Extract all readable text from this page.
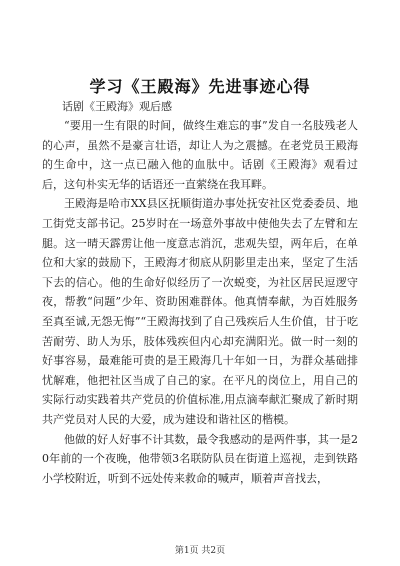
学习《王殿海》先进事迹心得
话剧《王殿海》观后感

“要用一生有限的时间，做终生难忘的事”发自一名肢残老人的心声，虽然不是豪言壮语，却让人为之震撼。在老党员王殿海的生命中，这一点已融入他的血肽中。话剧《王殿海》观看过后，这句朴实无华的话语还一直萦绕在我耳畔。

王殿海是哈市XX县区抚顺街道办事处抚安社区党委委员、地工街党支部书记。25岁时在一场意外事故中使他失去了左臂和左腿。这一晴天霹雳让他一度意志消沉，悲观失望，两年后，在单位和大家的鼓励下，王殿海才彻底从阴影里走出来，坚定了生活下去的信心。他的生命好似经历了一次蜕变，为社区居民逗逻守夜，帮教“问题”少年、资助困难群体。他真情奉献，为百姓服务至真至诚,无怨无悔”“王殿海找到了自己残疾后人生价值，甘于吃苦耐劳、助人为乐，肢体残疾但内心却充满阳光。做一时一刻的好事容易，最难能可贵的是王殿海几十年如一日，为群众基础排忧解难，他把社区当成了自己的家。在平凡的岗位上，用自己的实际行动实践着共产党员的价值标准,用点滴奉献汇聚成了新时期共产党员对人民的大爱，成为建设和谐社区的楷模。

他做的好人好事不计其数，最令我感动的是两件事，其一是20年前的一个夜晚，他带领3名联防队员在街道上巡视，走到铁路小学校附近，听到不远处传来救命的喊声，顺着声音找去，

第1页 共2页
